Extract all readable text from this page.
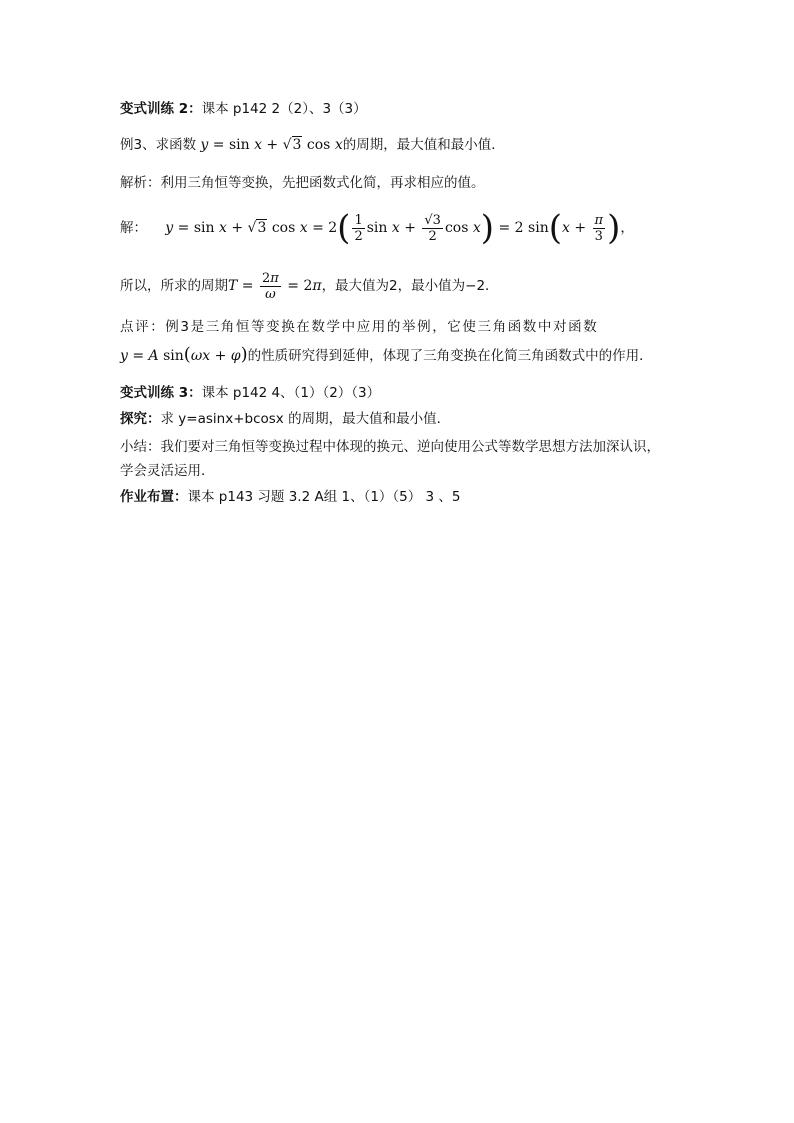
变式训练 2：课本 p142 2（2）、3（3）
例3、求函数 y = sin x + √3 cos x的周期，最大值和最小值．
解析：利用三角恒等变换，先把函数式化简，再求相应的值。
解： y = sin x + √3 $\cos x = 2( \frac{1}{2}$ $\sin x + \frac{√3}{2}$ cos x) = 2 $\sin(x + \frac{\pi}{3}$ )，
所以，所求的周期$T = \frac{2\pi}{\omega} = 2\pi$，最大值为2，最小值为−2．
点评：例3是三角恒等变换在数学中应用的举例，它使三角函数中对函数
y = A sin(ωx + φ)的性质研究得到延伸，体现了三角变换在化简三角函数式中的作用．
变式训练 3：课本 p142 4、（1）（2）（3）
探究：求 y=asinx+bcosx 的周期，最大值和最小值．
小结：我们要对三角恒等变换过程中体现的换元、逆向使用公式等数学思想方法加深认识，
学会灵活运用．
作业布置：课本 p143 习题 3.2 A组 1、（1）（5） 3 、5
